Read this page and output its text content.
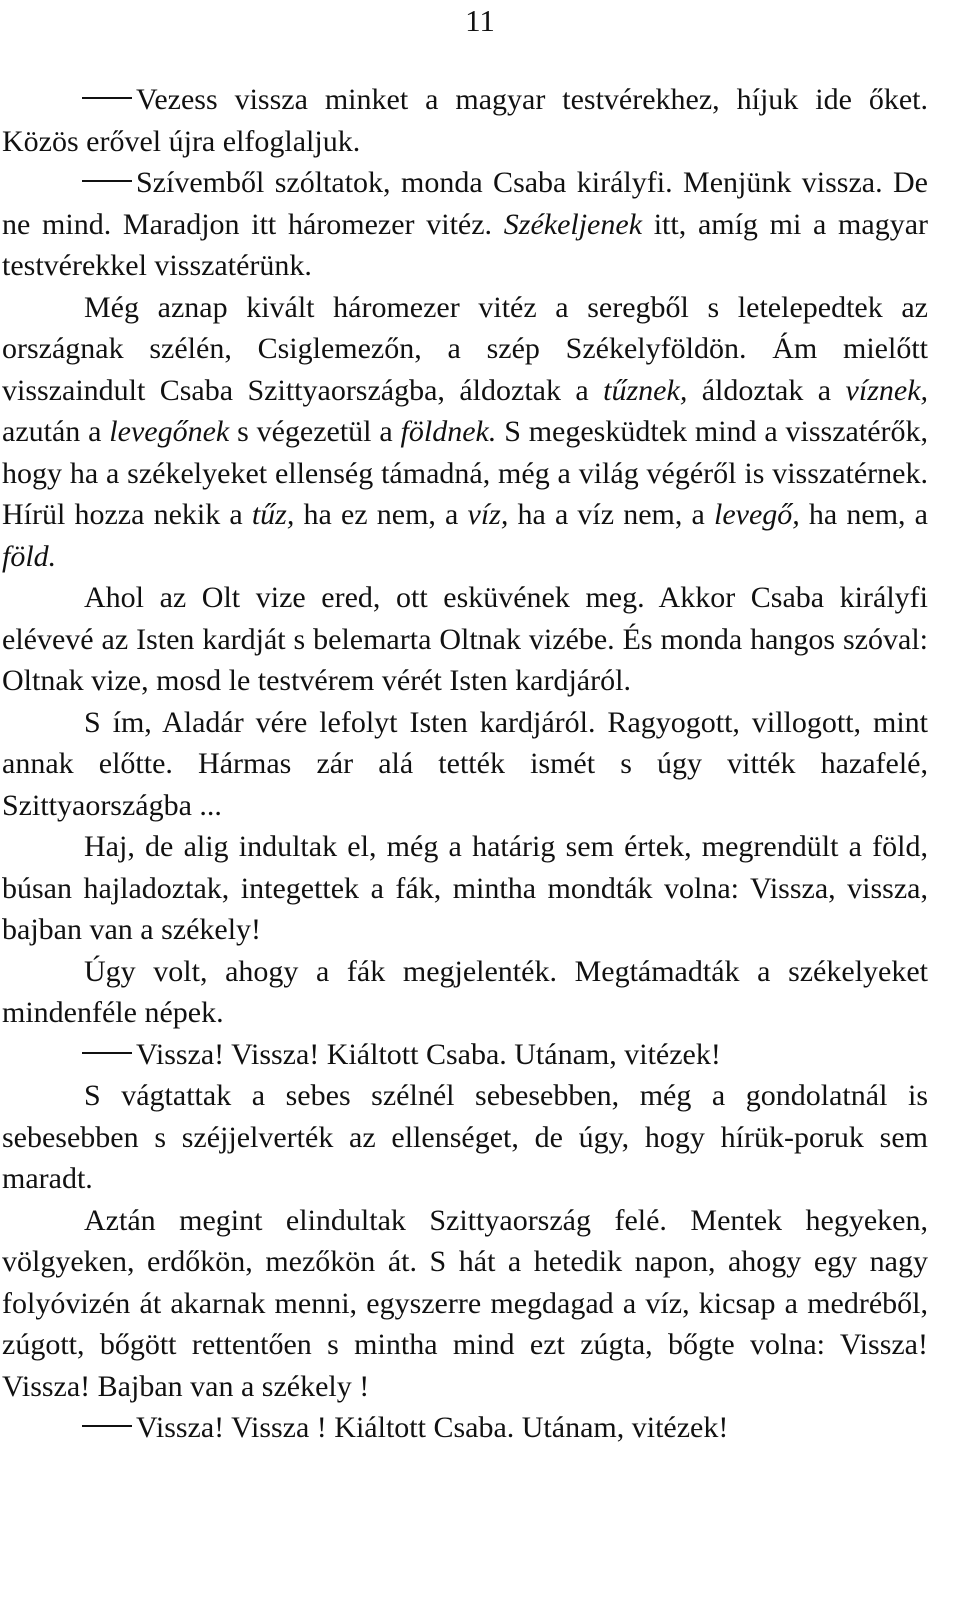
11

Vezess vissza minket a magyar testvérekhez, híjuk ide őket. Közös erővel újra elfoglaljuk.

Szívemből szóltatok, monda Csaba királyfi. Menjünk vissza. De ne mind. Maradjon itt háromezer vitéz. Székeljenek itt, amíg mi a magyar testvérekkel visszatérünk.

Még aznap kivált háromezer vitéz a seregből s letelepedtek az országnak szélén, Csiglemezőn, a szép Székelyföldön. Ám mielőtt visszaindult Csaba Szittyaországba, áldoztak a tűznek, áldoztak a víznek, azután a levegőnek s végezetül a földnek. S megesküdtek mind a visszatérők, hogy ha a székelyeket ellenség támadná, még a világ végéről is visszatérnek. Hírül hozza nekik a tűz, ha ez nem, a víz, ha a víz nem, a levegő, ha nem, a föld.

Ahol az Olt vize ered, ott esküvének meg. Akkor Csaba királyfi elévevé az Isten kardját s belemarta Oltnak vizébe. És monda hangos szóval: Oltnak vize, mosd le testvérem vérét Isten kardjáról.

S ím, Aladár vére lefolyt Isten kardjáról. Ragyogott, villogott, mint annak előtte. Hármas zár alá tették ismét s úgy vitték hazafelé, Szittyaországba ...

Haj, de alig indultak el, még a határig sem értek, megrendült a föld, búsan hajladoztak, integettek a fák, mintha mondták volna: Vissza, vissza, bajban van a székely!

Úgy volt, ahogy a fák megjelenték. Megtámadták a székelyeket mindenféle népek.

Vissza! Vissza! Kiáltott Csaba. Utánam, vitézek!

S vágtattak a sebes szélnél sebesebben, még a gondolatnál is sebesebben s széjjelverték az ellenséget, de úgy, hogy hírük-poruk sem maradt.

Aztán megint elindultak Szittyaország felé. Mentek hegyeken, völgyeken, erdőkön, mezőkön át. S hát a hetedik napon, ahogy egy nagy folyóvizén át akarnak menni, egyszerre megdagad a víz, kicsap a medréből, zúgott, bőgött rettentően s mintha mind ezt zúgta, bőgte volna: Vissza! Vissza! Bajban van a székely !

Vissza! Vissza ! Kiáltott Csaba. Utánam, vitézek!
